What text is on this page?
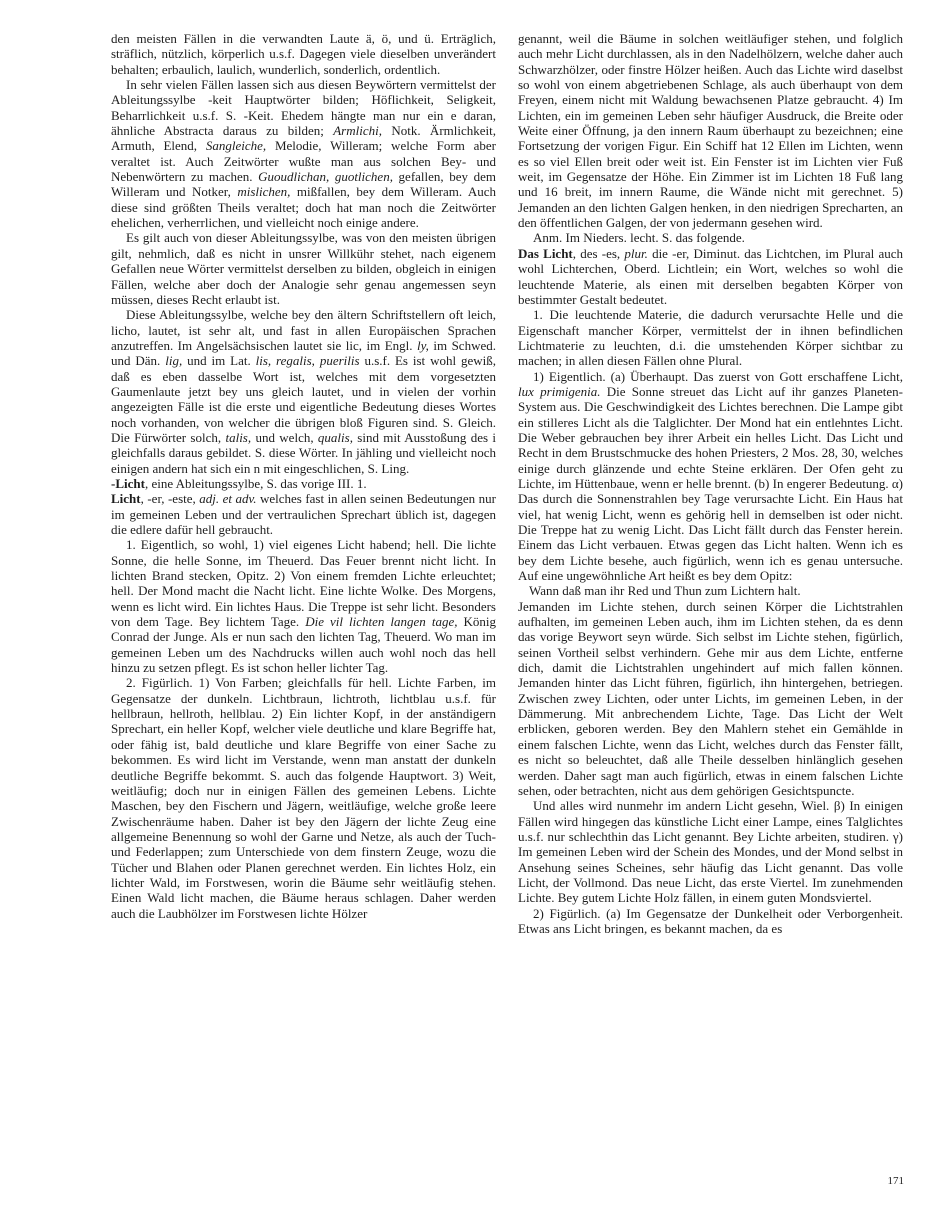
den meisten Fällen in die verwandten Laute ä, ö, und ü. Erträglich, sträflich, nützlich, körperlich u.s.f. Dagegen viele dieselben unverändert behalten; erbaulich, laulich, wunderlich, sonderlich, ordentlich.

In sehr vielen Fällen lassen sich aus diesen Beywörtern vermittelst der Ableitungssylbe -keit Hauptwörter bilden; Höflichkeit, Seligkeit, Beharrlichkeit u.s.f. S. -Keit. Ehedem hängte man nur ein e daran, ähnliche Abstracta daraus zu bilden; Armlichi, Notk. Ärmlichkeit, Armuth, Elend, Sangleiche, Melodie, Willeram; welche Form aber veraltet ist. Auch Zeitwörter wußte man aus solchen Bey- und Nebenwörtern zu machen. Guoudlichan, guotlichen, gefallen, bey dem Willeram und Notker, mislichen, mißfallen, bey dem Willeram. Auch diese sind größten Theils veraltet; doch hat man noch die Zeitwörter ehelichen, verherrlichen, und vielleicht noch einige andere.

Es gilt auch von dieser Ableitungssylbe, was von den meisten übrigen gilt, nehmlich, daß es nicht in unsrer Willkühr stehet, nach eigenem Gefallen neue Wörter vermittelst derselben zu bilden, obgleich in einigen Fällen, welche aber doch der Analogie sehr genau angemessen seyn müssen, dieses Recht erlaubt ist.

Diese Ableitungssylbe, welche bey den ältern Schriftstellern oft leich, licho, lautet, ist sehr alt, und fast in allen Europäischen Sprachen anzutreffen. Im Angelsächsischen lautet sie lic, im Engl. ly, im Schwed. und Dän. lig, und im Lat. lis, regalis, puerilis u.s.f. Es ist wohl gewiß, daß es eben dasselbe Wort ist, welches mit dem vorgesetzten Gaumenlaute jetzt bey uns gleich lautet, und in vielen der vorhin angezeigten Fälle ist die erste und eigentliche Bedeutung dieses Wortes noch vorhanden, von welcher die übrigen bloß Figuren sind. S. Gleich. Die Fürwörter solch, talis, und welch, qualis, sind mit Ausstoßung des i gleichfalls daraus gebildet. S. diese Wörter. In jähling und vielleicht noch einigen andern hat sich ein n mit eingeschlichen, S. Ling.

-Licht, eine Ableitungssylbe, S. das vorige III. 1.

Licht, -er, -este, adj. et adv. welches fast in allen seinen Bedeutungen nur im gemeinen Leben und der vertraulichen Sprechart üblich ist, dagegen die edlere dafür hell gebraucht.

1. Eigentlich, so wohl, 1) viel eigenes Licht habend; hell. Die lichte Sonne, die helle Sonne, im Theuerd. Das Feuer brennt nicht licht. In lichten Brand stecken, Opitz. 2) Von einem fremden Lichte erleuchtet; hell. Der Mond macht die Nacht licht. Eine lichte Wolke. Des Morgens, wenn es licht wird. Ein lichtes Haus. Die Treppe ist sehr licht. Besonders von dem Tage. Bey lichtem Tage. Die vil lichten langen tage, König Conrad der Junge. Als er nun sach den lichten Tag, Theuerd. Wo man im gemeinen Leben um des Nachdrucks willen auch wohl noch das hell hinzu zu setzen pflegt. Es ist schon heller lichter Tag.

2. Figürlich. 1) Von Farben; gleichfalls für hell. Lichte Farben, im Gegensatze der dunkeln. Lichtbraun, lichtroth, lichtblau u.s.f. für hellbraun, hellroth, hellblau. 2) Ein lichter Kopf, in der anständigern Sprechart, ein heller Kopf, welcher viele deutliche und klare Begriffe hat, oder fähig ist, bald deutliche und klare Begriffe von einer Sache zu bekommen. Es wird licht im Verstande, wenn man anstatt der dunkeln deutliche Begriffe bekommt. S. auch das folgende Hauptwort. 3) Weit, weitläufig; doch nur in einigen Fällen des gemeinen Lebens. Lichte Maschen, bey den Fischern und Jägern, weitläufige, welche große leere Zwischenräume haben. Daher ist bey den Jägern der lichte Zeug eine allgemeine Benennung so wohl der Garne und Netze, als auch der Tuch- und Federlappen; zum Unterschiede von dem finstern Zeuge, wozu die Tücher und Blahen oder Planen gerechnet werden. Ein lichtes Holz, ein lichter Wald, im Forstwesen, worin die Bäume sehr weitläufig stehen. Einen Wald licht machen, die Bäume heraus schlagen. Daher werden auch die Laubhölzer im Forstwesen lichte Hölzer

genannt, weil die Bäume in solchen weitläufiger stehen, und folglich auch mehr Licht durchlassen, als in den Nadelhölzern, welche daher auch Schwarzhölzer, oder finstre Hölzer heißen. Auch das Lichte wird daselbst so wohl von einem abgetriebenen Schlage, als auch überhaupt von dem Freyen, einem nicht mit Waldung bewachsenen Platze gebraucht. 4) Im Lichten, ein im gemeinen Leben sehr häufiger Ausdruck, die Breite oder Weite einer Öffnung, ja den innern Raum überhaupt zu bezeichnen; eine Fortsetzung der vorigen Figur. Ein Schiff hat 12 Ellen im Lichten, wenn es so viel Ellen breit oder weit ist. Ein Fenster ist im Lichten vier Fuß weit, im Gegensatze der Höhe. Ein Zimmer ist im Lichten 18 Fuß lang und 16 breit, im innern Raume, die Wände nicht mit gerechnet. 5) Jemanden an den lichten Galgen henken, in den niedrigen Sprecharten, an den öffentlichen Galgen, der von jedermann gesehen wird.

Anm. Im Nieders. lecht. S. das folgende.

Das Licht, des -es, plur. die -er, Diminut. das Lichtchen, im Plural auch wohl Lichterchen, Oberd. Lichtlein; ein Wort, welches so wohl die leuchtende Materie, als einen mit derselben begabten Körper von bestimmter Gestalt bedeutet.

1. Die leuchtende Materie, die dadurch verursachte Helle und die Eigenschaft mancher Körper, vermittelst der in ihnen befindlichen Lichtmaterie zu leuchten, d.i. die umstehenden Körper sichtbar zu machen; in allen diesen Fällen ohne Plural.

1) Eigentlich. (a) Überhaupt. Das zuerst von Gott erschaffene Licht, lux primigenia. Die Sonne streuet das Licht auf ihr ganzes Planeten-System aus. Die Geschwindigkeit des Lichtes berechnen. Die Lampe gibt ein stilleres Licht als die Talglichter. Der Mond hat ein entlehntes Licht. Die Weber gebrauchen bey ihrer Arbeit ein helles Licht. Das Licht und Recht in dem Brustschmucke des hohen Priesters, 2 Mos. 28, 30, welches einige durch glänzende und echte Steine erklären. Der Ofen geht zu Lichte, im Hüttenbaue, wenn er helle brennt. (b) In engerer Bedeutung. α) Das durch die Sonnenstrahlen bey Tage verursachte Licht. Ein Haus hat viel, hat wenig Licht, wenn es gehörig hell in demselben ist oder nicht. Die Treppe hat zu wenig Licht. Das Licht fällt durch das Fenster herein. Einem das Licht verbauen. Etwas gegen das Licht halten. Wenn ich es bey dem Lichte besehe, auch figürlich, wenn ich es genau untersuche. Auf eine ungewöhnliche Art heißt es bey dem Opitz:

Wann daß man ihr Red und Thun zum Lichtern halt.

Jemanden im Lichte stehen, durch seinen Körper die Lichtstrahlen aufhalten, im gemeinen Leben auch, ihm im Lichten stehen, da es denn das vorige Beywort seyn würde. Sich selbst im Lichte stehen, figürlich, seinen Vortheil selbst verhindern. Gehe mir aus dem Lichte, entferne dich, damit die Lichtstrahlen ungehindert auf mich fallen können. Jemanden hinter das Licht führen, figürlich, ihn hintergehen, betriegen. Zwischen zwey Lichten, oder unter Lichts, im gemeinen Leben, in der Dämmerung. Mit anbrechendem Lichte, Tage. Das Licht der Welt erblicken, geboren werden. Bey den Mahlern stehet ein Gemählde in einem falschen Lichte, wenn das Licht, welches durch das Fenster fällt, es nicht so beleuchtet, daß alle Theile desselben hinlänglich gesehen werden. Daher sagt man auch figürlich, etwas in einem falschen Lichte sehen, oder betrachten, nicht aus dem gehörigen Gesichtspuncte.

Und alles wird nunmehr im andern Licht gesehn, Wiel. β) In einigen Fällen wird hingegen das künstliche Licht einer Lampe, eines Talglichtes u.s.f. nur schlechthin das Licht genannt. Bey Lichte arbeiten, studiren. γ) Im gemeinen Leben wird der Schein des Mondes, und der Mond selbst in Ansehung seines Scheines, sehr häufig das Licht genannt. Das volle Licht, der Vollmond. Das neue Licht, das erste Viertel. Im zunehmenden Lichte. Bey gutem Lichte Holz fällen, in einem guten Mondsviertel.

2) Figürlich. (a) Im Gegensatze der Dunkelheit oder Verborgenheit. Etwas ans Licht bringen, es bekannt machen, da es

171
